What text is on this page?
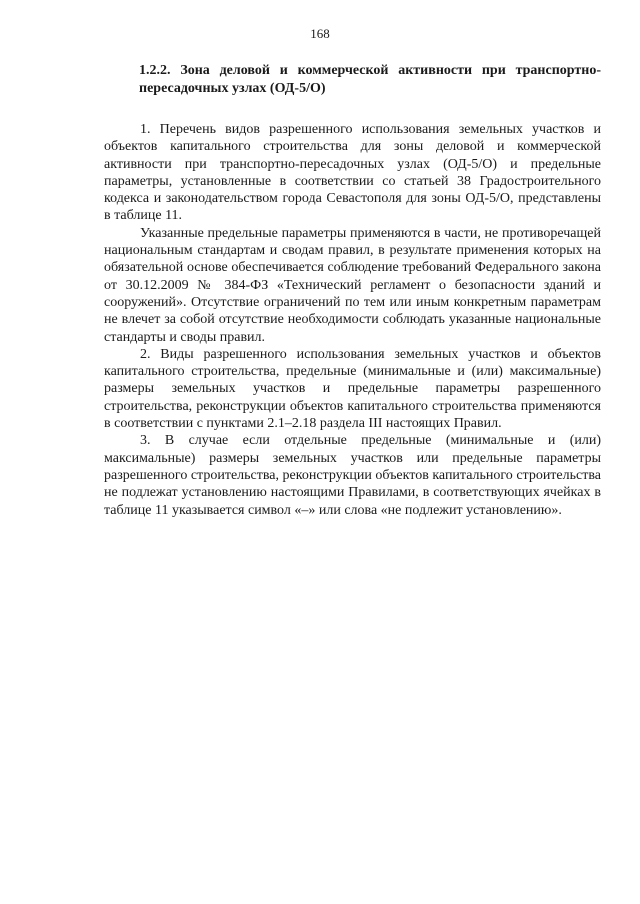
168
1.2.2. Зона деловой и коммерческой активности при транспортно-пересадочных узлах (ОД-5/О)

1. Перечень видов разрешенного использования земельных участков и объектов капитального строительства для зоны деловой и коммерческой активности при транспортно-пересадочных узлах (ОД-5/О) и предельные параметры, установленные в соответствии со статьей 38 Градостроительного кодекса и законодательством города Севастополя для зоны ОД-5/О, представлены в таблице 11.

Указанные предельные параметры применяются в части, не противоречащей национальным стандартам и сводам правил, в результате применения которых на обязательной основе обеспечивается соблюдение требований Федерального закона от 30.12.2009 № 384-ФЗ «Технический регламент о безопасности зданий и сооружений». Отсутствие ограничений по тем или иным конкретным параметрам не влечет за собой отсутствие необходимости соблюдать указанные национальные стандарты и своды правил.

2. Виды разрешенного использования земельных участков и объектов капитального строительства, предельные (минимальные и (или) максимальные) размеры земельных участков и предельные параметры разрешенного строительства, реконструкции объектов капитального строительства применяются в соответствии с пунктами 2.1–2.18 раздела III настоящих Правил.

3. В случае если отдельные предельные (минимальные и (или) максимальные) размеры земельных участков или предельные параметры разрешенного строительства, реконструкции объектов капитального строительства не подлежат установлению настоящими Правилами, в соответствующих ячейках в таблице 11 указывается символ «–» или слова «не подлежит установлению».
